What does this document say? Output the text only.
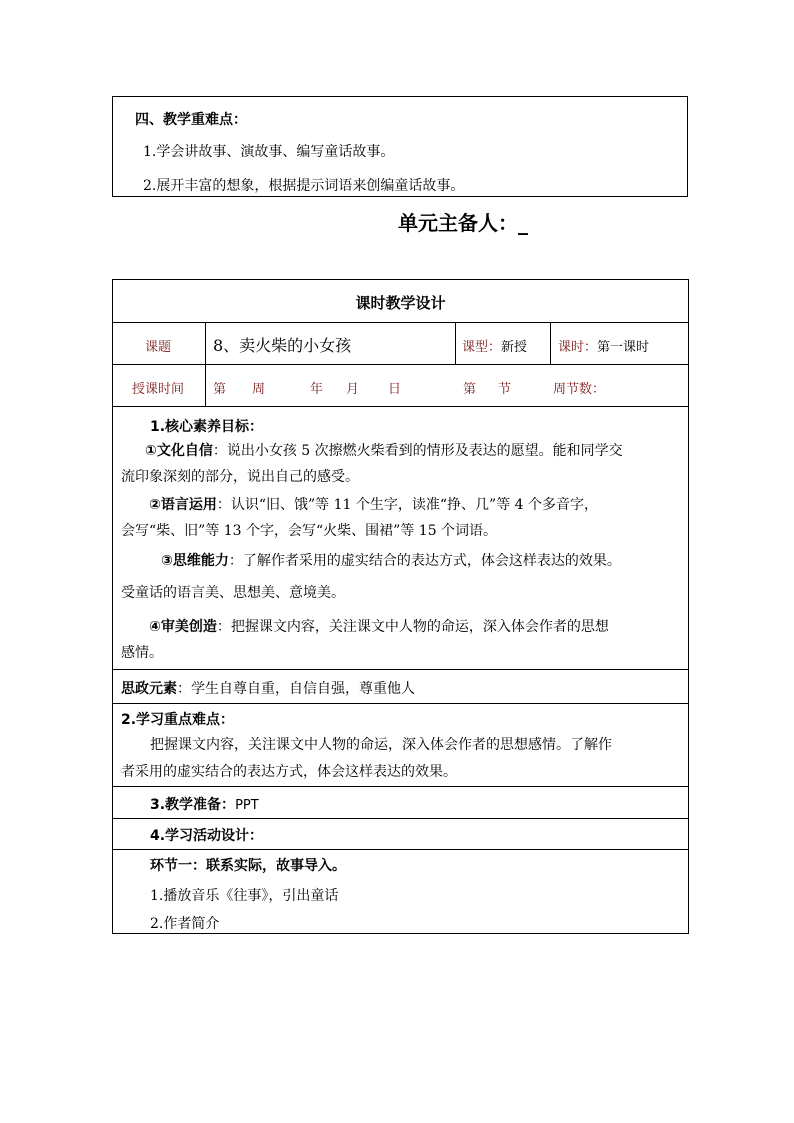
四、教学重难点：
1.学会讲故事、演故事、编写童话故事。
2.展开丰富的想象，根据提示词语来创编童话故事。
单元主备人：_
课时教学设计
课题	8、卖火柴的小女孩	课型：新授 课时：第一课时
授课时间 第 周	年 月 日	第 节	周节数：
1.核心素养目标：
①文化自信：说出小女孩 5 次擦燃火柴看到的情形及表达的愿望。能和同学交
流印象深刻的部分，说出自己的感受。
②语言运用：认识“旧、饿”等 11 个生字，读准“挣、几”等 4 个多音字，
会写“柴、旧”等 13 个字，会写“火柴、围裙”等 15 个词语。
③思维能力：了解作者采用的虚实结合的表达方式，体会这样表达的效果。
受童话的语言美、思想美、意境美。
④审美创造：把握课文内容，关注课文中人物的命运，深入体会作者的思想
感情。
思政元素：学生自尊自重，自信自强，尊重他人
2.学习重点难点：
把握课文内容，关注课文中人物的命运，深入体会作者的思想感情。了解作
者采用的虚实结合的表达方式，体会这样表达的效果。
3.教学准备：PPT
4.学习活动设计：
环节一：联系实际，故事导入。
1.播放音乐《往事》，引出童话
2.作者简介
